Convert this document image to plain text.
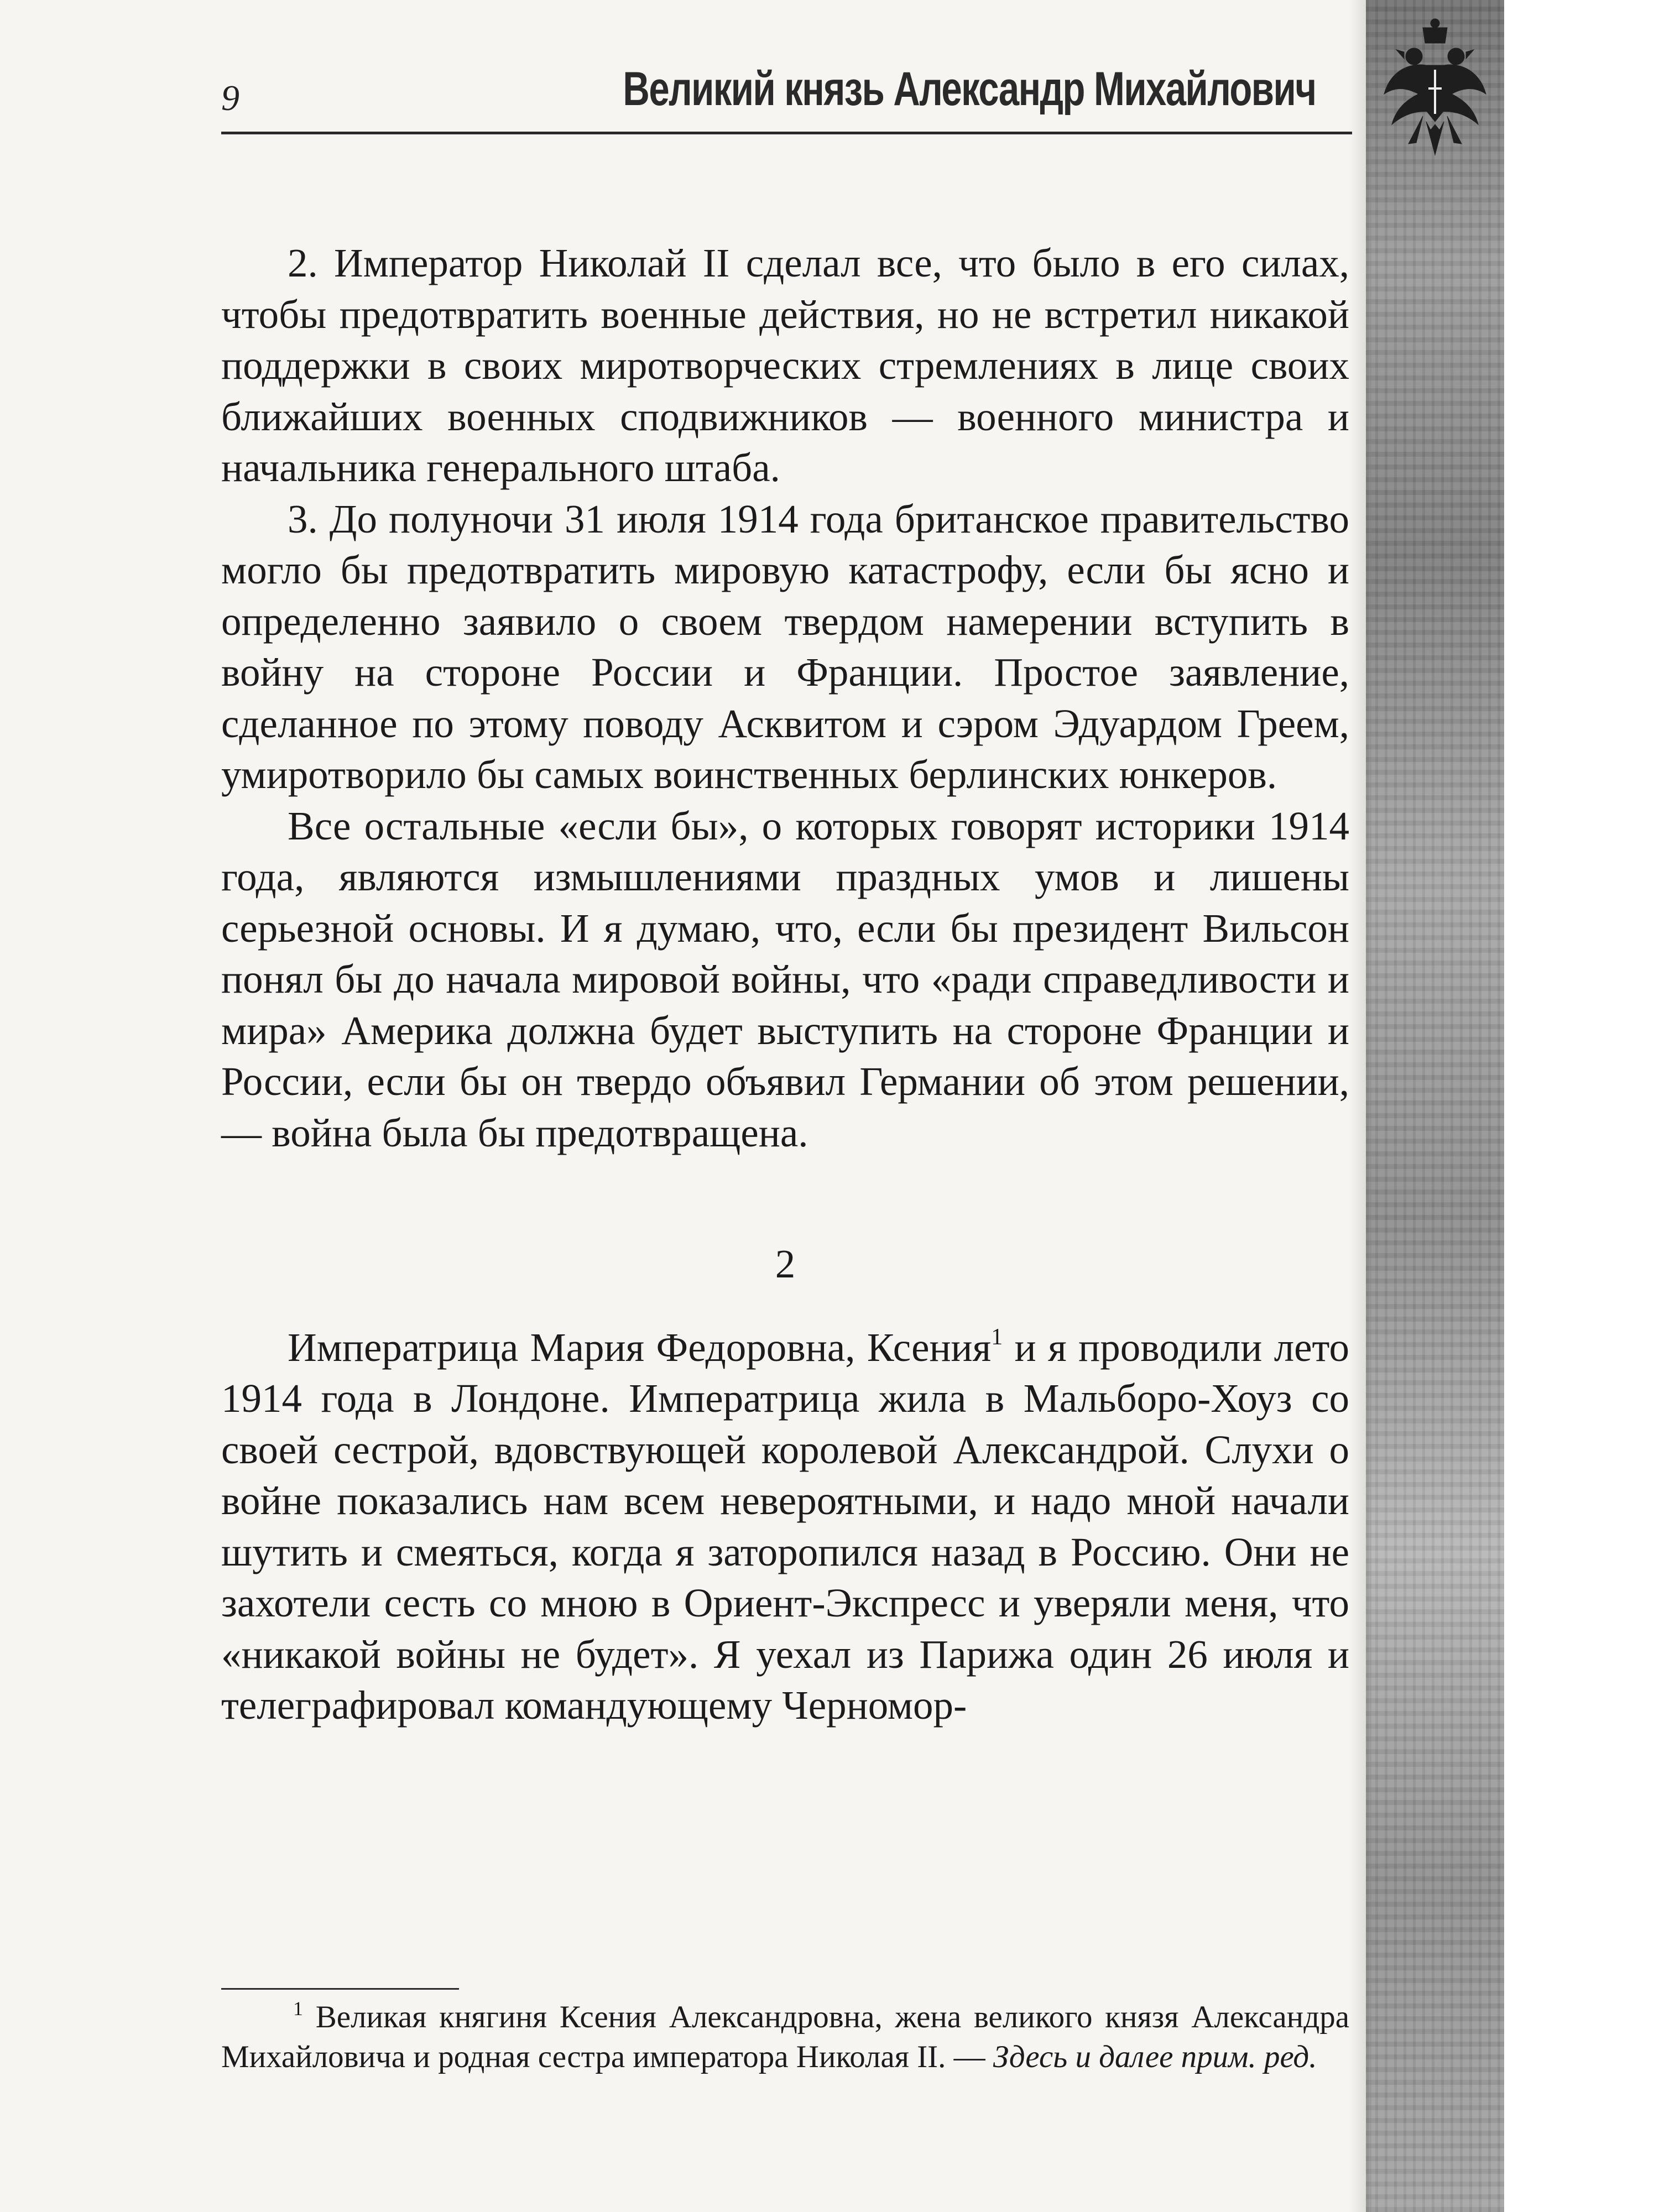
9	Великий князь Александр Михайлович

2. Император Николай II сделал все, что было в его силах, чтобы предотвратить военные действия, но не встретил никакой поддержки в своих миротворческих стремлениях в лице своих ближайших военных сподвижников — военного министра и начальника генерального штаба.

3. До полуночи 31 июля 1914 года британское правительство могло бы предотвратить мировую катастрофу, если бы ясно и определенно заявило о своем твердом намерении вступить в войну на стороне России и Франции. Простое заявление, сделанное по этому поводу Асквитом и сэром Эдуардом Греем, умиротворило бы самых воинственных берлинских юнкеров.

Все остальные «если бы», о которых говорят историки 1914 года, являются измышлениями праздных умов и лишены серьезной основы. И я думаю, что, если бы президент Вильсон понял бы до начала мировой войны, что «ради справедливости и мира» Америка должна будет выступить на стороне Франции и России, если бы он твердо объявил Германии об этом решении, — война была бы предотвращена.

2

Императрица Мария Федоровна, Ксения$^1$ и я проводили лето 1914 года в Лондоне. Императрица жила в Мальборо-Хоуз со своей сестрой, вдовствующей королевой Александрой. Слухи о войне показались нам всем невероятными, и надо мной начали шутить и смеяться, когда я заторопился назад в Россию. Они не захотели сесть со мною в Ориент-Экспресс и уверяли меня, что «никакой войны не будет». Я уехал из Парижа один 26 июля и телеграфировал командующему Черномор-

$^1$ Великая княгиня Ксения Александровна, жена великого князя Александра Михайловича и родная сестра императора Николая II. — Здесь и далее прим. ред.
